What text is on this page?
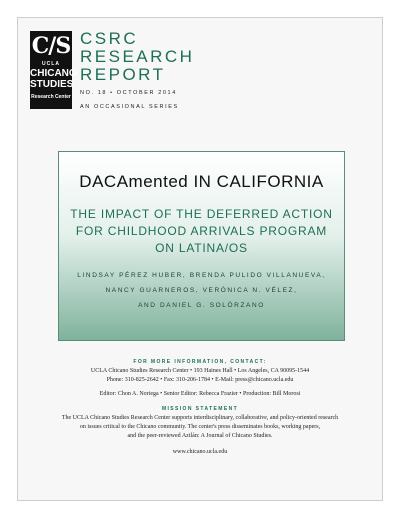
C/S
UCLA
CHICANO
STUDIES
Research Center
CSRC
RESEARCH
REPORT
NO. 18 • OCTOBER 2014
AN OCCASIONAL SERIES
DACAmented IN CALIFORNIA
THE IMPACT OF THE DEFERRED ACTION
FOR CHILDHOOD ARRIVALS PROGRAM
ON LATINA/OS
LINDSAY PÉREZ HUBER, BRENDA PULIDO VILLANUEVA,
NANCY GUARNEROS, VERÓNICA N. VÉLEZ,
AND DANIEL G. SOLÓRZANO
FOR MORE INFORMATION, CONTACT:
UCLA Chicano Studies Research Center • 193 Haines Hall • Los Angeles, CA 90095-1544
Phone: 310-825-2642 • Fax: 310-206-1784 • E-Mail: press@chicano.ucla.edu
Editor: Chon A. Noriega • Senior Editor: Rebecca Frazier • Production: Bill Morosi
MISSION STATEMENT
The UCLA Chicano Studies Research Center supports interdisciplinary, collaborative, and policy-oriented research
on issues critical to the Chicano community. The center's press disseminates books, working papers,
and the peer-reviewed Aztlán: A Journal of Chicano Studies.
www.chicano.ucla.edu
